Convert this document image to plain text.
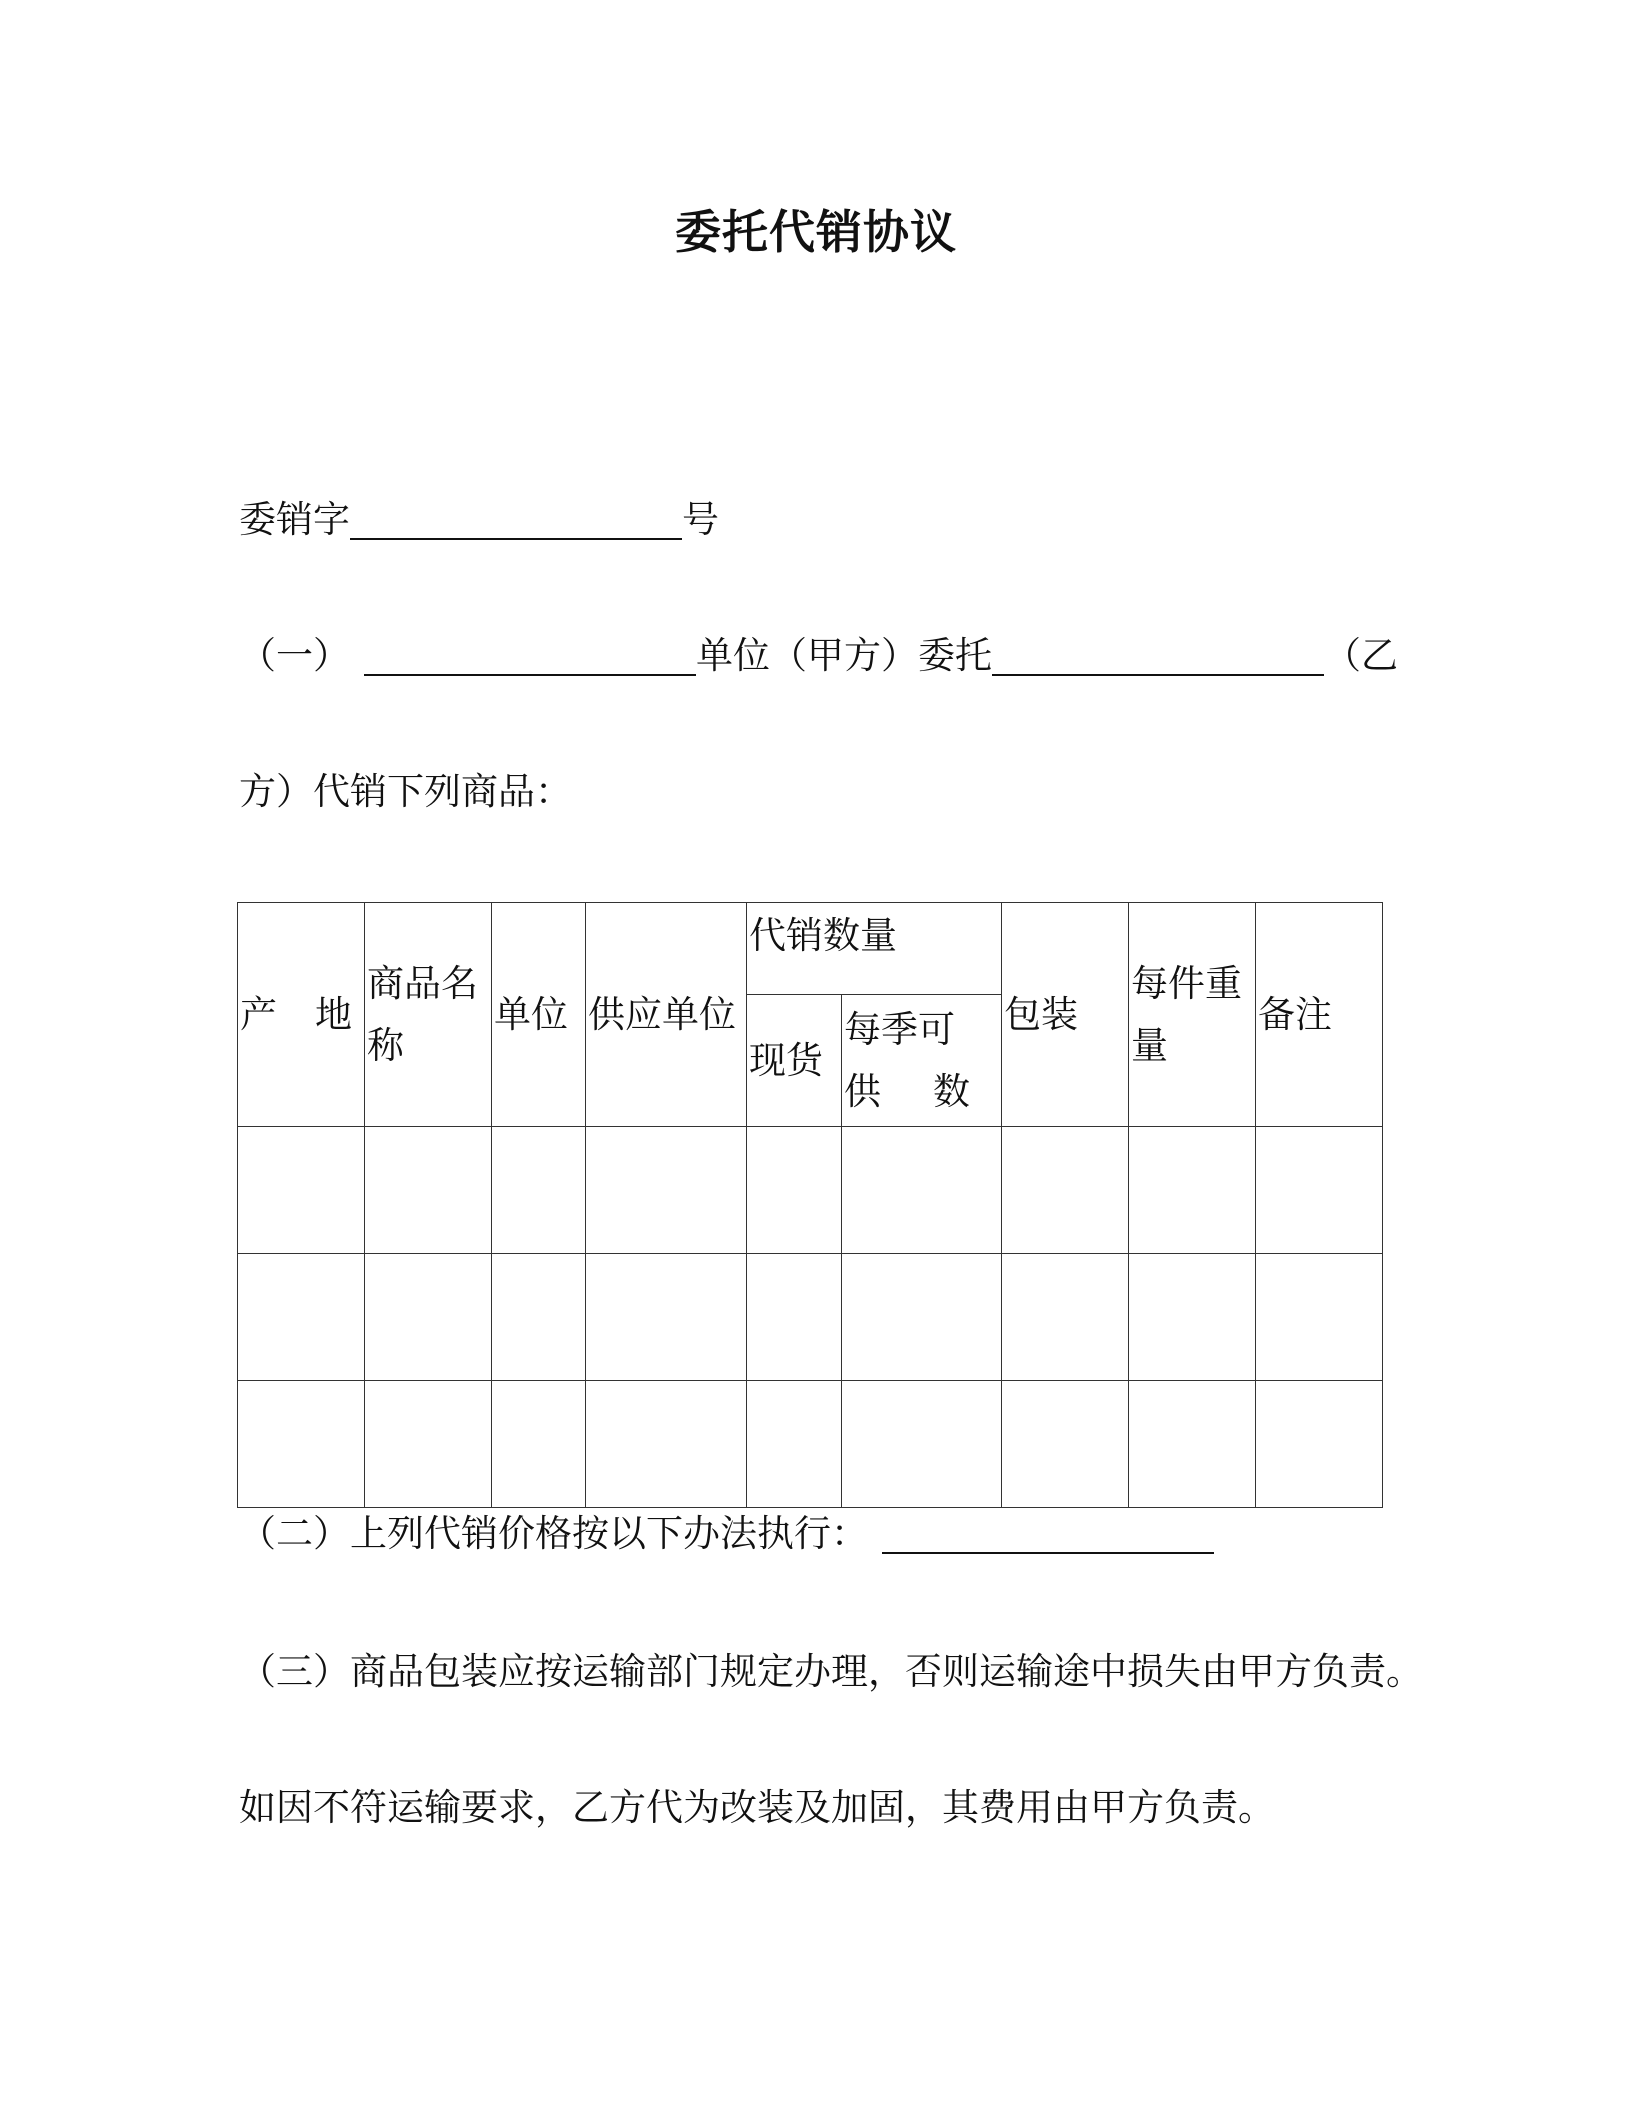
委托代销协议
委销字	号
（一）	单位（甲方）委托	（乙
方）代销下列商品：
产 地	商品名称	单位	供应单位	代销数量		包装	每件重量	备注
				现货	每季可
供 数			

（二）上列代销价格按以下办法执行：
（三）商品包装应按运输部门规定办理，否则运输途中损失由甲方负责。
如因不符运输要求，乙方代为改装及加固，其费用由甲方负责。
